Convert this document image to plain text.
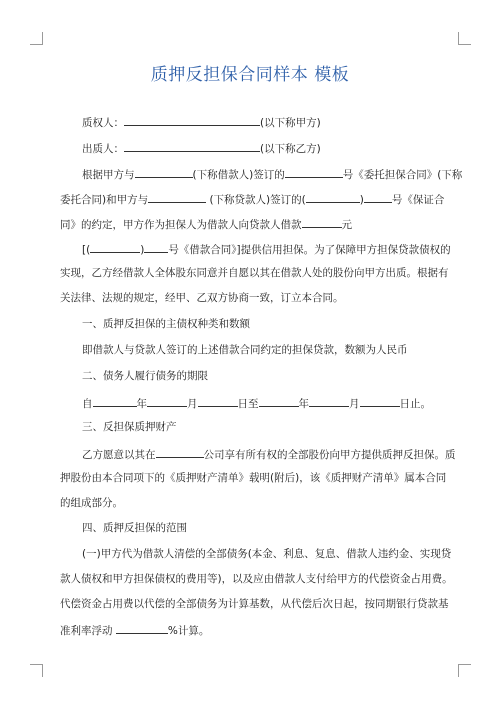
质押反担保合同样本 模板
质权人：	(以下称甲方)
出质人：	(以下称乙方)
根据甲方与	(下称借款人)签订的	号《委托担保合同》(下称
委托合同)和甲方与	(下称贷款人)签订的(	)	号《保证合
同》的约定，甲方作为担保人为借款人向贷款人借款	元
[(	) 号《借款合同》]提供信用担保。为了保障甲方担保贷款债权的
实现，乙方经借款人全体股东同意并自愿以其在借款人处的股份向甲方出质。根据有
关法律、法规的规定，经甲、乙双方协商一致，订立本合同。
一、质押反担保的主债权种类和数额
即借款人与贷款人签订的上述借款合同约定的担保贷款，数额为人民币
二、债务人履行债务的期限
自	年	月	日至	年	月	日止。
三、反担保质押财产
乙方愿意以其在	公司享有所有权的全部股份向甲方提供质押反担保。质
押股份由本合同项下的《质押财产清单》载明(附后)，该《质押财产清单》属本合同
的组成部分。
四、质押反担保的范围
(一)甲方代为借款人清偿的全部债务(本金、利息、复息、借款人违约金、实现贷
款人债权和甲方担保债权的费用等)，以及应由借款人支付给甲方的代偿资金占用费。
代偿资金占用费以代偿的全部债务为计算基数，从代偿后次日起，按同期银行贷款基
准利率浮动	%计算。
